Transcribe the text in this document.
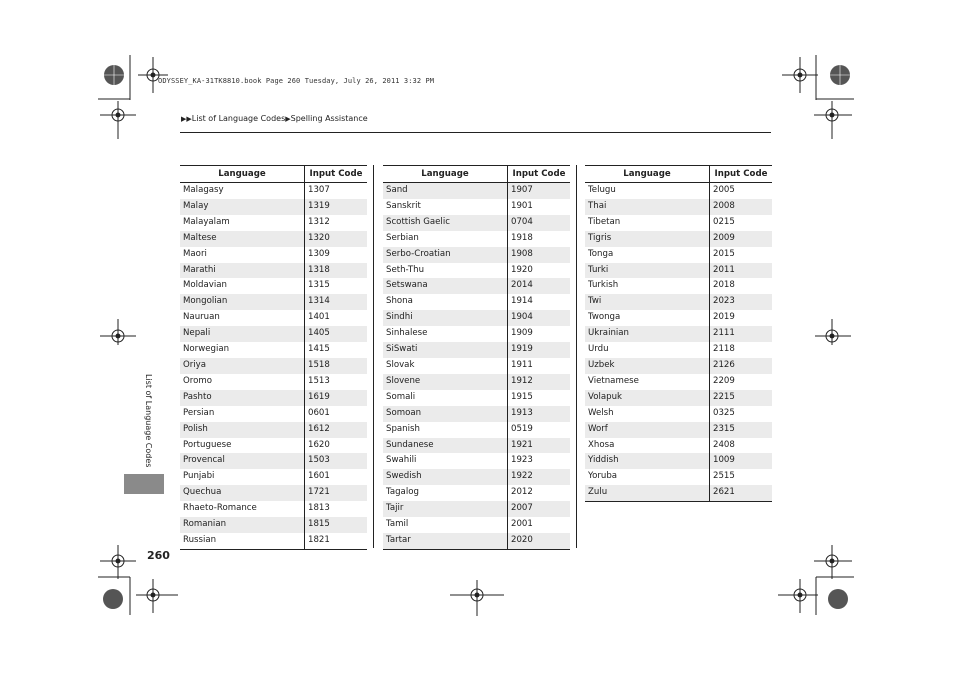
ODYSSEY_KA-31TK8810.book Page 260 Tuesday, July 26, 2011 3:32 PM
▶▶List of Language Codes▶Spelling Assistance
Language	Input Code
Malagasy	1307
Malay	1319
Malayalam	1312
Maltese	1320
Maori	1309
Marathi	1318
Moldavian	1315
Mongolian	1314
Nauruan	1401
Nepali	1405
Norwegian	1415
Oriya	1518
Oromo	1513
Pashto	1619
Persian	0601
Polish	1612
Portuguese	1620
Provencal	1503
Punjabi	1601
Quechua	1721
Rhaeto-Romance	1813
Romanian	1815
Russian	1821
Language	Input Code
Sand	1907
Sanskrit	1901
Scottish Gaelic	0704
Serbian	1918
Serbo-Croatian	1908
Seth-Thu	1920
Setswana	2014
Shona	1914
Sindhi	1904
Sinhalese	1909
SiSwati	1919
Slovak	1911
Slovene	1912
Somali	1915
Somoan	1913
Spanish	0519
Sundanese	1921
Swahili	1923
Swedish	1922
Tagalog	2012
Tajir	2007
Tamil	2001
Tartar	2020
Language	Input Code
Telugu	2005
Thai	2008
Tibetan	0215
Tigris	2009
Tonga	2015
Turki	2011
Turkish	2018
Twi	2023
Twonga	2019
Ukrainian	2111
Urdu	2118
Uzbek	2126
Vietnamese	2209
Volapuk	2215
Welsh	0325
Worf	2315
Xhosa	2408
Yiddish	1009
Yoruba	2515
Zulu	2621
List of Language Codes
260
